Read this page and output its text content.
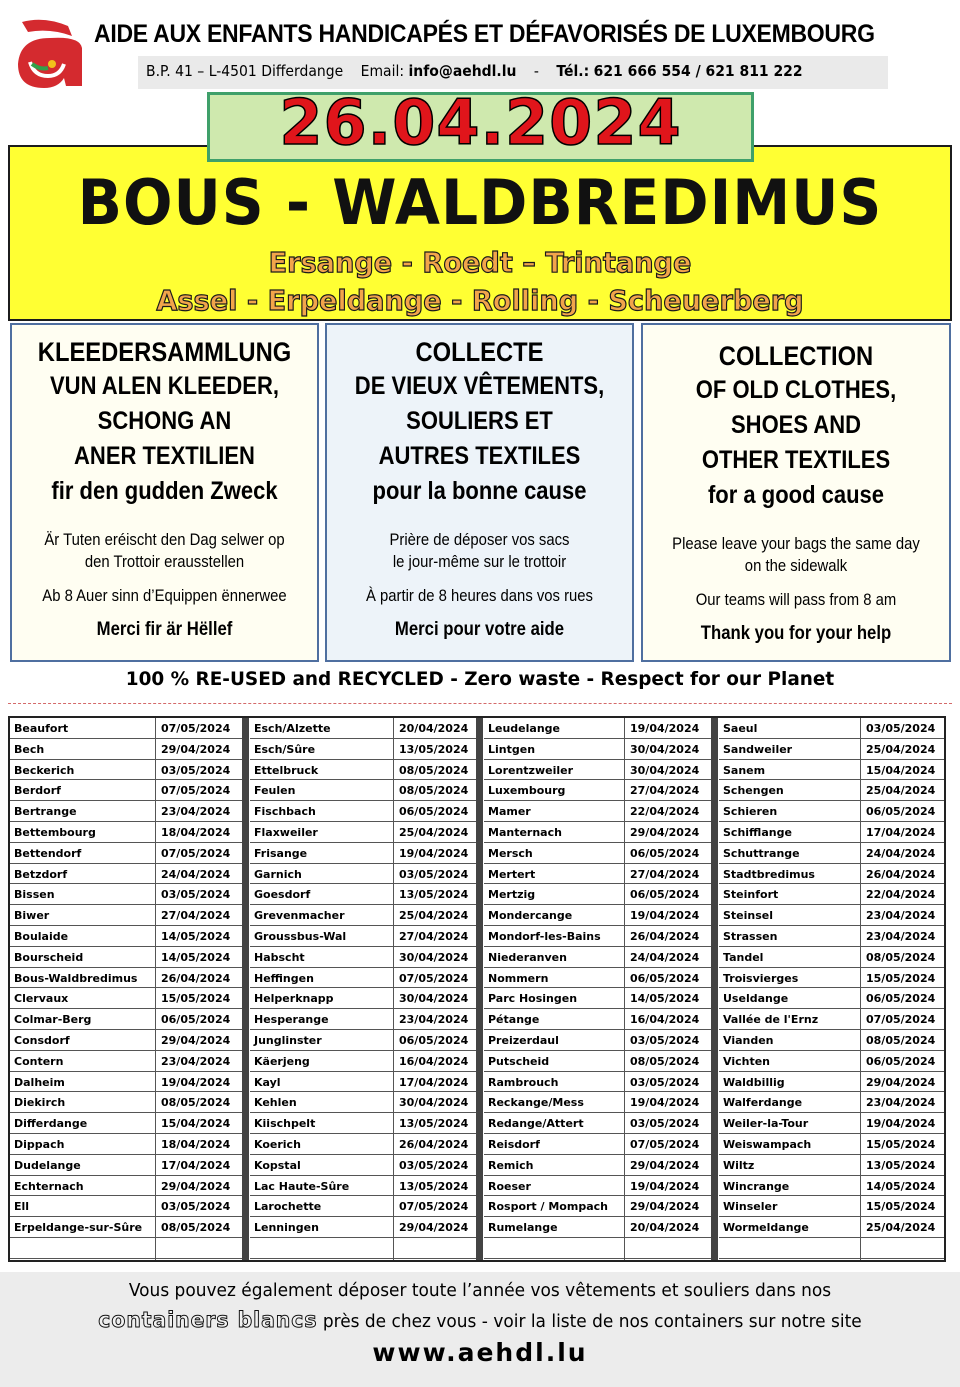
AIDE AUX ENFANTS HANDICAPÉS ET DÉFAVORISÉS DE LUXEMBOURG
B.P. 41 – L-4501 Differdange Email: info@aehdl.lu - Tél.: 621 666 554 / 621 811 222
26.04.2024
BOUS - WALDBREDIMUS
Ersange - Roedt – Trintange
Assel - Erpeldange - Rolling - Scheuerberg
KLEEDERSAMMLUNG
VUN ALEN KLEEDER,
SCHONG AN
ANER TEXTILIEN
fir den gudden Zweck
Är Tuten eréischt den Dag selwer op
den Trottoir erausstellen
Ab 8 Auer sinn d’Equippen ënnerwee
Merci fir är Hëllef
COLLECTE
DE VIEUX VÊTEMENTS,
SOULIERS ET
AUTRES TEXTILES
pour la bonne cause
Prière de déposer vos sacs
le jour-même sur le trottoir
À partir de 8 heures dans vos rues
Merci pour votre aide
COLLECTION
OF OLD CLOTHES,
SHOES AND
OTHER TEXTILES
for a good cause
Please leave your bags the same day
on the sidewalk
Our teams will pass from 8 am
Thank you for your help
100 % RE-USED and RECYCLED - Zero waste - Respect for our Planet
Beaufort	07/05/2024
Bech	29/04/2024
Beckerich	03/05/2024
Berdorf	07/05/2024
Bertrange	23/04/2024
Bettembourg	18/04/2024
Bettendorf	07/05/2024
Betzdorf	24/04/2024
Bissen	03/05/2024
Biwer	27/04/2024
Boulaide	14/05/2024
Bourscheid	14/05/2024
Bous-Waldbredimus 26/04/2024
Clervaux	15/05/2024
Colmar-Berg	06/05/2024
Consdorf	29/04/2024
Contern	23/04/2024
Dalheim	19/04/2024
Diekirch	08/05/2024
Differdange	15/04/2024
Dippach	18/04/2024
Dudelange	17/04/2024
Echternach	29/04/2024
Ell	03/05/2024
Erpeldange-sur-Sûre 08/05/2024
Esch/Alzette	20/04/2024
Esch/Sûre	13/05/2024
Ettelbruck	08/05/2024
Feulen	08/05/2024
Fischbach	06/05/2024
Flaxweiler	25/04/2024
Frisange	19/04/2024
Garnich	03/05/2024
Goesdorf	13/05/2024
Grevenmacher	25/04/2024
Groussbus-Wal	27/04/2024
Habscht	30/04/2024
Heffingen	07/05/2024
Helperknapp	30/04/2024
Hesperange	23/04/2024
Junglinster	06/05/2024
Käerjeng	16/04/2024
Kayl	17/04/2024
Kehlen	30/04/2024
Kiischpelt	13/05/2024
Koerich	26/04/2024
Kopstal	03/05/2024
Lac Haute-Sûre	13/05/2024
Larochette	07/05/2024
Lenningen	29/04/2024
Leudelange	19/04/2024
Lintgen	30/04/2024
Lorentzweiler	30/04/2024
Luxembourg	27/04/2024
Mamer	22/04/2024
Manternach	29/04/2024
Mersch	06/05/2024
Mertert	27/04/2024
Mertzig	06/05/2024
Mondercange	19/04/2024
Mondorf-les-Bains	26/04/2024
Niederanven	24/04/2024
Nommern	06/05/2024
Parc Hosingen	14/05/2024
Pétange	16/04/2024
Preizerdaul	03/05/2024
Putscheid	08/05/2024
Rambrouch	03/05/2024
Reckange/Mess	19/04/2024
Redange/Attert	03/05/2024
Reisdorf	07/05/2024
Remich	29/04/2024
Roeser	19/04/2024
Rosport / Mompach 29/04/2024
Rumelange	20/04/2024
Saeul	03/05/2024
Sandweiler	25/04/2024
Sanem	15/04/2024
Schengen	25/04/2024
Schieren	06/05/2024
Schifflange	17/04/2024
Schuttrange	24/04/2024
Stadtbredimus	26/04/2024
Steinfort	22/04/2024
Steinsel	23/04/2024
Strassen	23/04/2024
Tandel	08/05/2024
Troisvierges	15/05/2024
Useldange	06/05/2024
Vallée de l'Ernz	07/05/2024
Vianden	08/05/2024
Vichten	06/05/2024
Waldbillig	29/04/2024
Walferdange	23/04/2024
Weiler-la-Tour	19/04/2024
Weiswampach	15/05/2024
Wiltz	13/05/2024
Wincrange	14/05/2024
Winseler	15/05/2024
Wormeldange	25/04/2024
Vous pouvez également déposer toute l’année vos vêtements et souliers dans nos
containers blancs près de chez vous - voir la liste de nos containers sur notre site
www.aehdl.lu
